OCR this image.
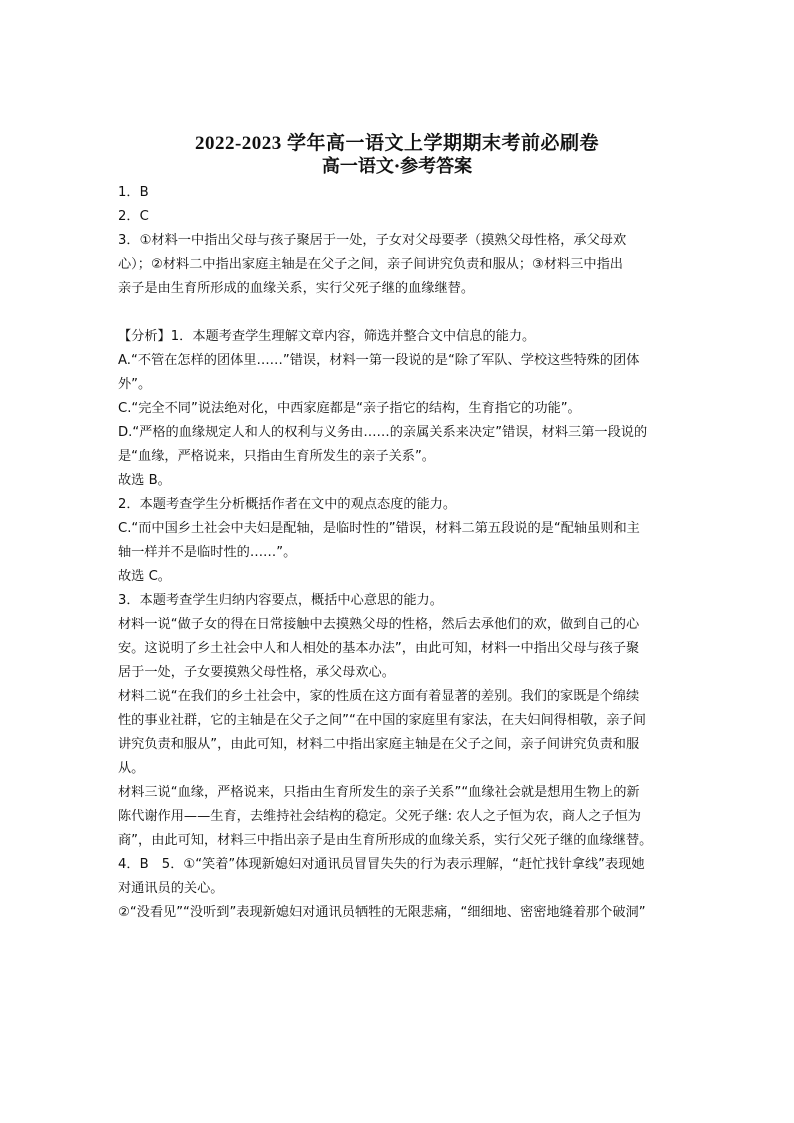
2022-2023 学年高一语文上学期期末考前必刷卷
高一语文·参考答案
1．B
2．C
3．①材料一中指出父母与孩子聚居于一处，子女对父母要孝（摸熟父母性格，承父母欢
心）；②材料二中指出家庭主轴是在父子之间，亲子间讲究负责和服从；③材料三中指出
亲子是由生育所形成的血缘关系，实行父死子继的血缘继替。
【分析】1．本题考查学生理解文章内容，筛选并整合文中信息的能力。
A.“不管在怎样的团体里……”错误，材料一第一段说的是“除了军队、学校这些特殊的团体
外”。
C.“完全不同”说法绝对化，中西家庭都是“亲子指它的结构，生育指它的功能”。
D.“严格的血缘规定人和人的权利与义务由……的亲属关系来决定”错误，材料三第一段说的
是“血缘，严格说来，只指由生育所发生的亲子关系”。
故选 B。
2．本题考查学生分析概括作者在文中的观点态度的能力。
C.“而中国乡土社会中夫妇是配轴，是临时性的”错误，材料二第五段说的是“配轴虽则和主
轴一样并不是临时性的……”。
故选 C。
3．本题考查学生归纳内容要点，概括中心意思的能力。
材料一说“做子女的得在日常接触中去摸熟父母的性格，然后去承他们的欢，做到自己的心
安。这说明了乡土社会中人和人相处的基本办法”，由此可知，材料一中指出父母与孩子聚
居于一处，子女要摸熟父母性格，承父母欢心。
材料二说“在我们的乡土社会中，家的性质在这方面有着显著的差别。我们的家既是个绵续
性的事业社群，它的主轴是在父子之间”“在中国的家庭里有家法，在夫妇间得相敬，亲子间
讲究负责和服从”，由此可知，材料二中指出家庭主轴是在父子之间，亲子间讲究负责和服
从。
材料三说“血缘，严格说来，只指由生育所发生的亲子关系”“血缘社会就是想用生物上的新
陈代谢作用——生育，去维持社会结构的稳定。父死子继: 农人之子恒为农，商人之子恒为
商”，由此可知，材料三中指出亲子是由生育所形成的血缘关系，实行父死子继的血缘继替。
4．B　5．①“笑着”体现新媳妇对通讯员冒冒失失的行为表示理解，“赶忙找针拿线”表现她
对通讯员的关心。
②“没看见”“没听到”表现新媳妇对通讯员牺牲的无限悲痛，“细细地、密密地缝着那个破洞”
